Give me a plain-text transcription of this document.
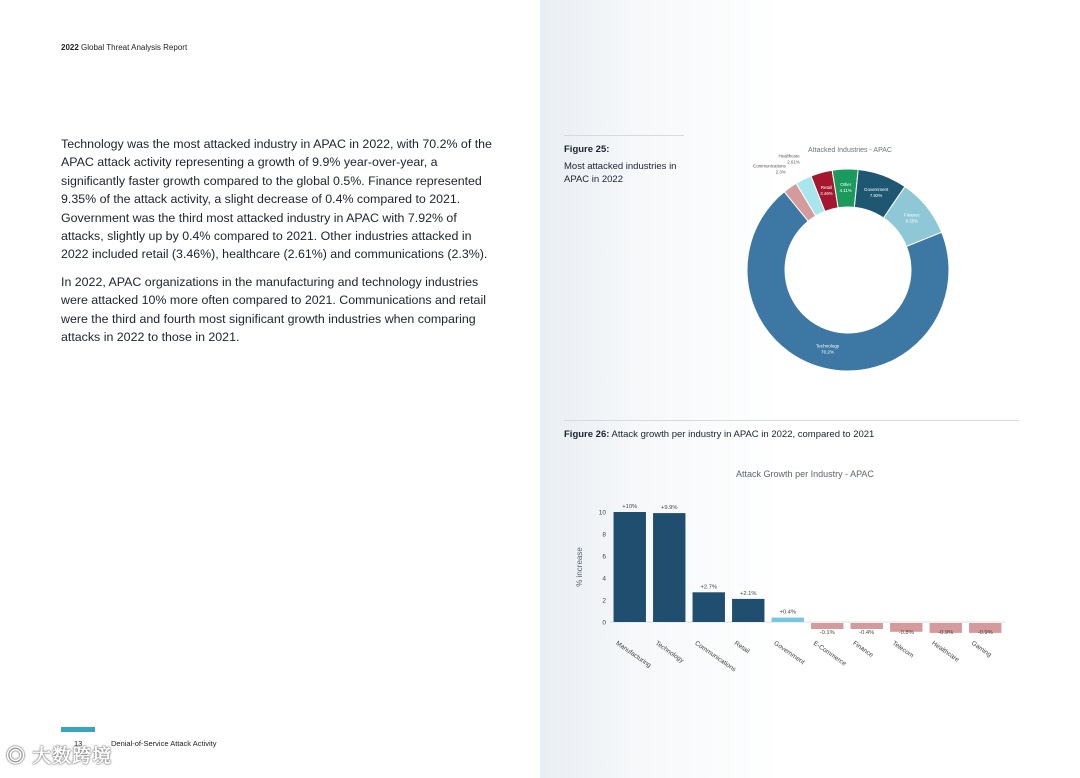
2022 Global Threat Analysis Report

Technology was the most attacked industry in APAC in 2022, with 70.2% of the APAC attack activity representing a growth of 9.9% year-over-year, a significantly faster growth compared to the global 0.5%. Finance represented 9.35% of the attack activity, a slight decrease of 0.4% compared to 2021. Government was the third most attacked industry in APAC with 7.92% of attacks, slightly up by 0.4% compared to 2021. Other industries attacked in 2022 included retail (3.46%), healthcare (2.61%) and communications (2.3%).

In 2022, APAC organizations in the manufacturing and technology industries were attacked 10% more often compared to 2021. Communications and retail were the third and fourth most significant growth industries when comparing attacks in 2022 to those in 2021.

Figure 25:
Most attacked industries in APAC in 2022
Attacked Industries - APAC
Technology
70.2%
Communications
2.3%
Healthcare
2.61%
Retail
3.46%
Other
4.11%	Government
7.92%
Finance
9.35%
Figure 26: Attack growth per industry in APAC in 2022, compared to 2021
Attack Growth per Industry - APAC
% increase
0
2
4
6
8
10
+10%
Manufacturing
+9.9%
Technology
+2.7%
Communications
+2.1%
Retail
+0.4%
Government
-0.1%
E-Commerce
-0.4%
Finance
-0.8%
Telecom
-0.9%
Healthcare
-0.9%
Gaming
13	Denial-of-Service Attack Activity
◎ 大数跨境
